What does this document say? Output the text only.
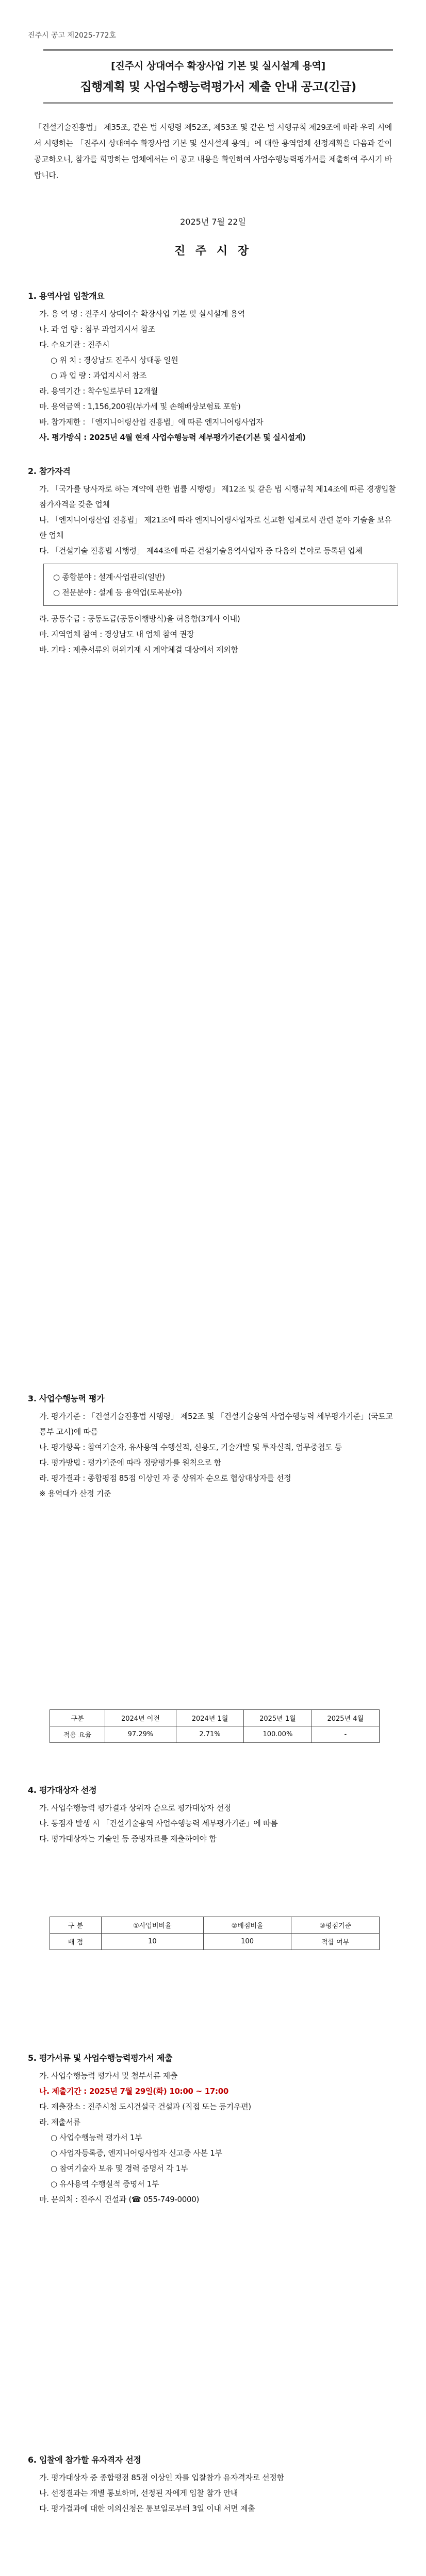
진주시 공고 제2025-772호
[진주시 상대여수 확장사업 기본 및 실시설계 용역]
집행계획 및 사업수행능력평가서 제출 안내 공고(긴급)
「건설기술진흥법」 제35조, 같은 법 시행령 제52조, 제53조 및 같은 법 시행규칙 제29조에 따라 우리 시에서 시행하는 「진주시 상대여수 확장사업 기본 및 실시설계 용역」에 대한 용역업체 선정계획을 다음과 같이 공고하오니, 참가를 희망하는 업체에서는 이 공고 내용을 확인하여 사업수행능력평가서를 제출하여 주시기 바랍니다.
2025년 7월 22일
진 주 시 장
1. 용역사업 입찰개요

가. 용 역 명 : 진주시 상대여수 확장사업 기본 및 실시설계 용역

나. 과 업 량 : 첨부 과업지시서 참조

다. 수요기관 : 진주시

○ 위 치 : 경상남도 진주시 상대동 일원

○ 과 업 량 : 과업지시서 참조

라. 용역기간 : 착수일로부터 12개월

마. 용역금액 : 1,156,200원(부가세 및 손해배상보험료 포함)

바. 참가제한 : 「엔지니어링산업 진흥법」에 따른 엔지니어링사업자

사. 평가방식 : 2025년 4월 현재 사업수행능력 세부평가기준(기본 및 실시설계)

2. 참가자격

가. 「국가를 당사자로 하는 계약에 관한 법률 시행령」 제12조 및 같은 법 시행규칙 제14조에 따른 경쟁입찰 참가자격을 갖춘 업체

나. 「엔지니어링산업 진흥법」 제21조에 따라 엔지니어링사업자로 신고한 업체로서 관련 분야 기술을 보유한 업체

다. 「건설기술 진흥법 시행령」 제44조에 따른 건설기술용역사업자 중 다음의 분야로 등록된 업체

○ 종합분야 : 설계·사업관리(일반)

○ 전문분야 : 설계 등 용역업(토목분야)

라. 공동수급 : 공동도급(공동이행방식)을 허용함(3개사 이내)

마. 지역업체 참여 : 경상남도 내 업체 참여 권장

바. 기타 : 제출서류의 허위기재 시 계약체결 대상에서 제외함

3. 사업수행능력 평가

가. 평가기준 : 「건설기술진흥법 시행령」 제52조 및 「건설기술용역 사업수행능력 세부평가기준」(국토교통부 고시)에 따름

나. 평가항목 : 참여기술자, 유사용역 수행실적, 신용도, 기술개발 및 투자실적, 업무중첩도 등

다. 평가방법 : 평가기준에 따라 정량평가를 원칙으로 함

라. 평가결과 : 종합평점 85점 이상인 자 중 상위자 순으로 협상대상자를 선정

※ 용역대가 산정 기준

구분	2024년 이전	2024년 1월	2025년 1월	2025년 4월
적용 요율	97.29%	2.71%	100.00%	-
4. 평가대상자 선정

가. 사업수행능력 평가결과 상위자 순으로 평가대상자 선정

나. 동점자 발생 시 「건설기술용역 사업수행능력 세부평가기준」에 따름

다. 평가대상자는 기술인 등 증빙자료를 제출하여야 함

구 분	①사업비비율	②배점비율	③평점기준
배 점	10	100	적합 여부
5. 평가서류 및 사업수행능력평가서 제출

가. 사업수행능력 평가서 및 첨부서류 제출

나. 제출기간 : 2025년 7월 29일(화) 10:00 ~ 17:00

다. 제출장소 : 진주시청 도시건설국 건설과 (직접 또는 등기우편)

라. 제출서류

○ 사업수행능력 평가서 1부

○ 사업자등록증, 엔지니어링사업자 신고증 사본 1부

○ 참여기술자 보유 및 경력 증명서 각 1부

○ 유사용역 수행실적 증명서 1부

마. 문의처 : 진주시 건설과 (☎ 055-749-0000)

6. 입찰에 참가할 유자격자 선정

가. 평가대상자 중 종합평점 85점 이상인 자를 입찰참가 유자격자로 선정함

나. 선정결과는 개별 통보하며, 선정된 자에게 입찰 참가 안내

다. 평가결과에 대한 이의신청은 통보일로부터 3일 이내 서면 제출
